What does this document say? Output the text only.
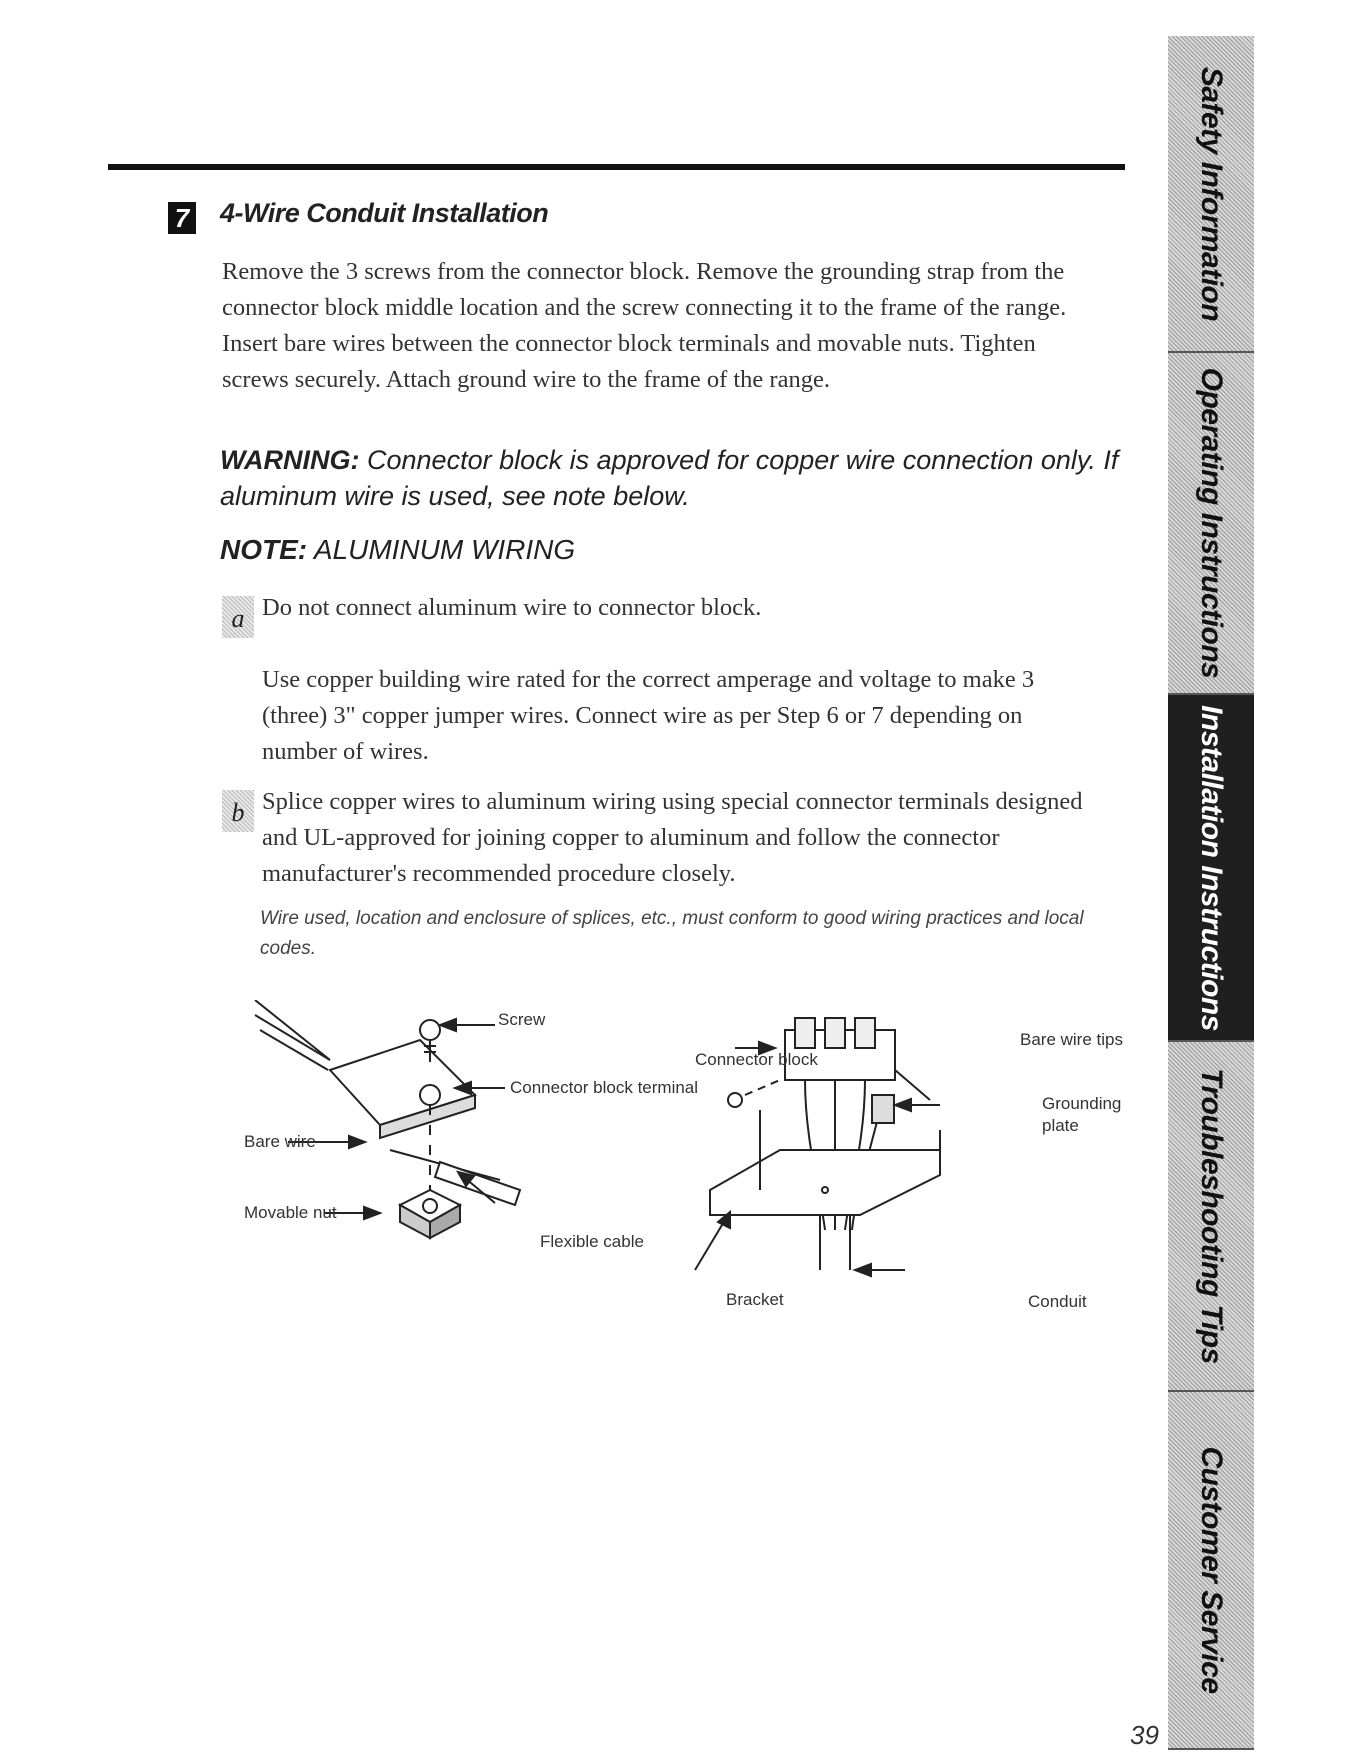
7 4-Wire Conduit Installation
Remove the 3 screws from the connector block. Remove the grounding strap from the connector block middle location and the screw connecting it to the frame of the range. Insert bare wires between the connector block terminals and movable nuts. Tighten screws securely. Attach ground wire to the frame of the range.
WARNING: Connector block is approved for copper wire connection only. If aluminum wire is used, see note below.
NOTE: ALUMINUM WIRING
a Do not connect aluminum wire to connector block.
Use copper building wire rated for the correct amperage and voltage to make 3 (three) 3" copper jumper wires. Connect wire as per Step 6 or 7 depending on number of wires.
b Splice copper wires to aluminum wiring using special connector terminals designed and UL-approved for joining copper to aluminum and follow the connector manufacturer's recommended procedure closely.
Wire used, location and enclosure of splices, etc., must conform to good wiring practices and local codes.
Screw
Connector block terminal
Bare wire
Movable nut
Flexible cable
Connector block
Bare wire tips
Grounding
plate
Bracket	Conduit
Safety Information
Operating Instructions
Installation Instructions
Troubleshooting Tips
Customer Service
39
